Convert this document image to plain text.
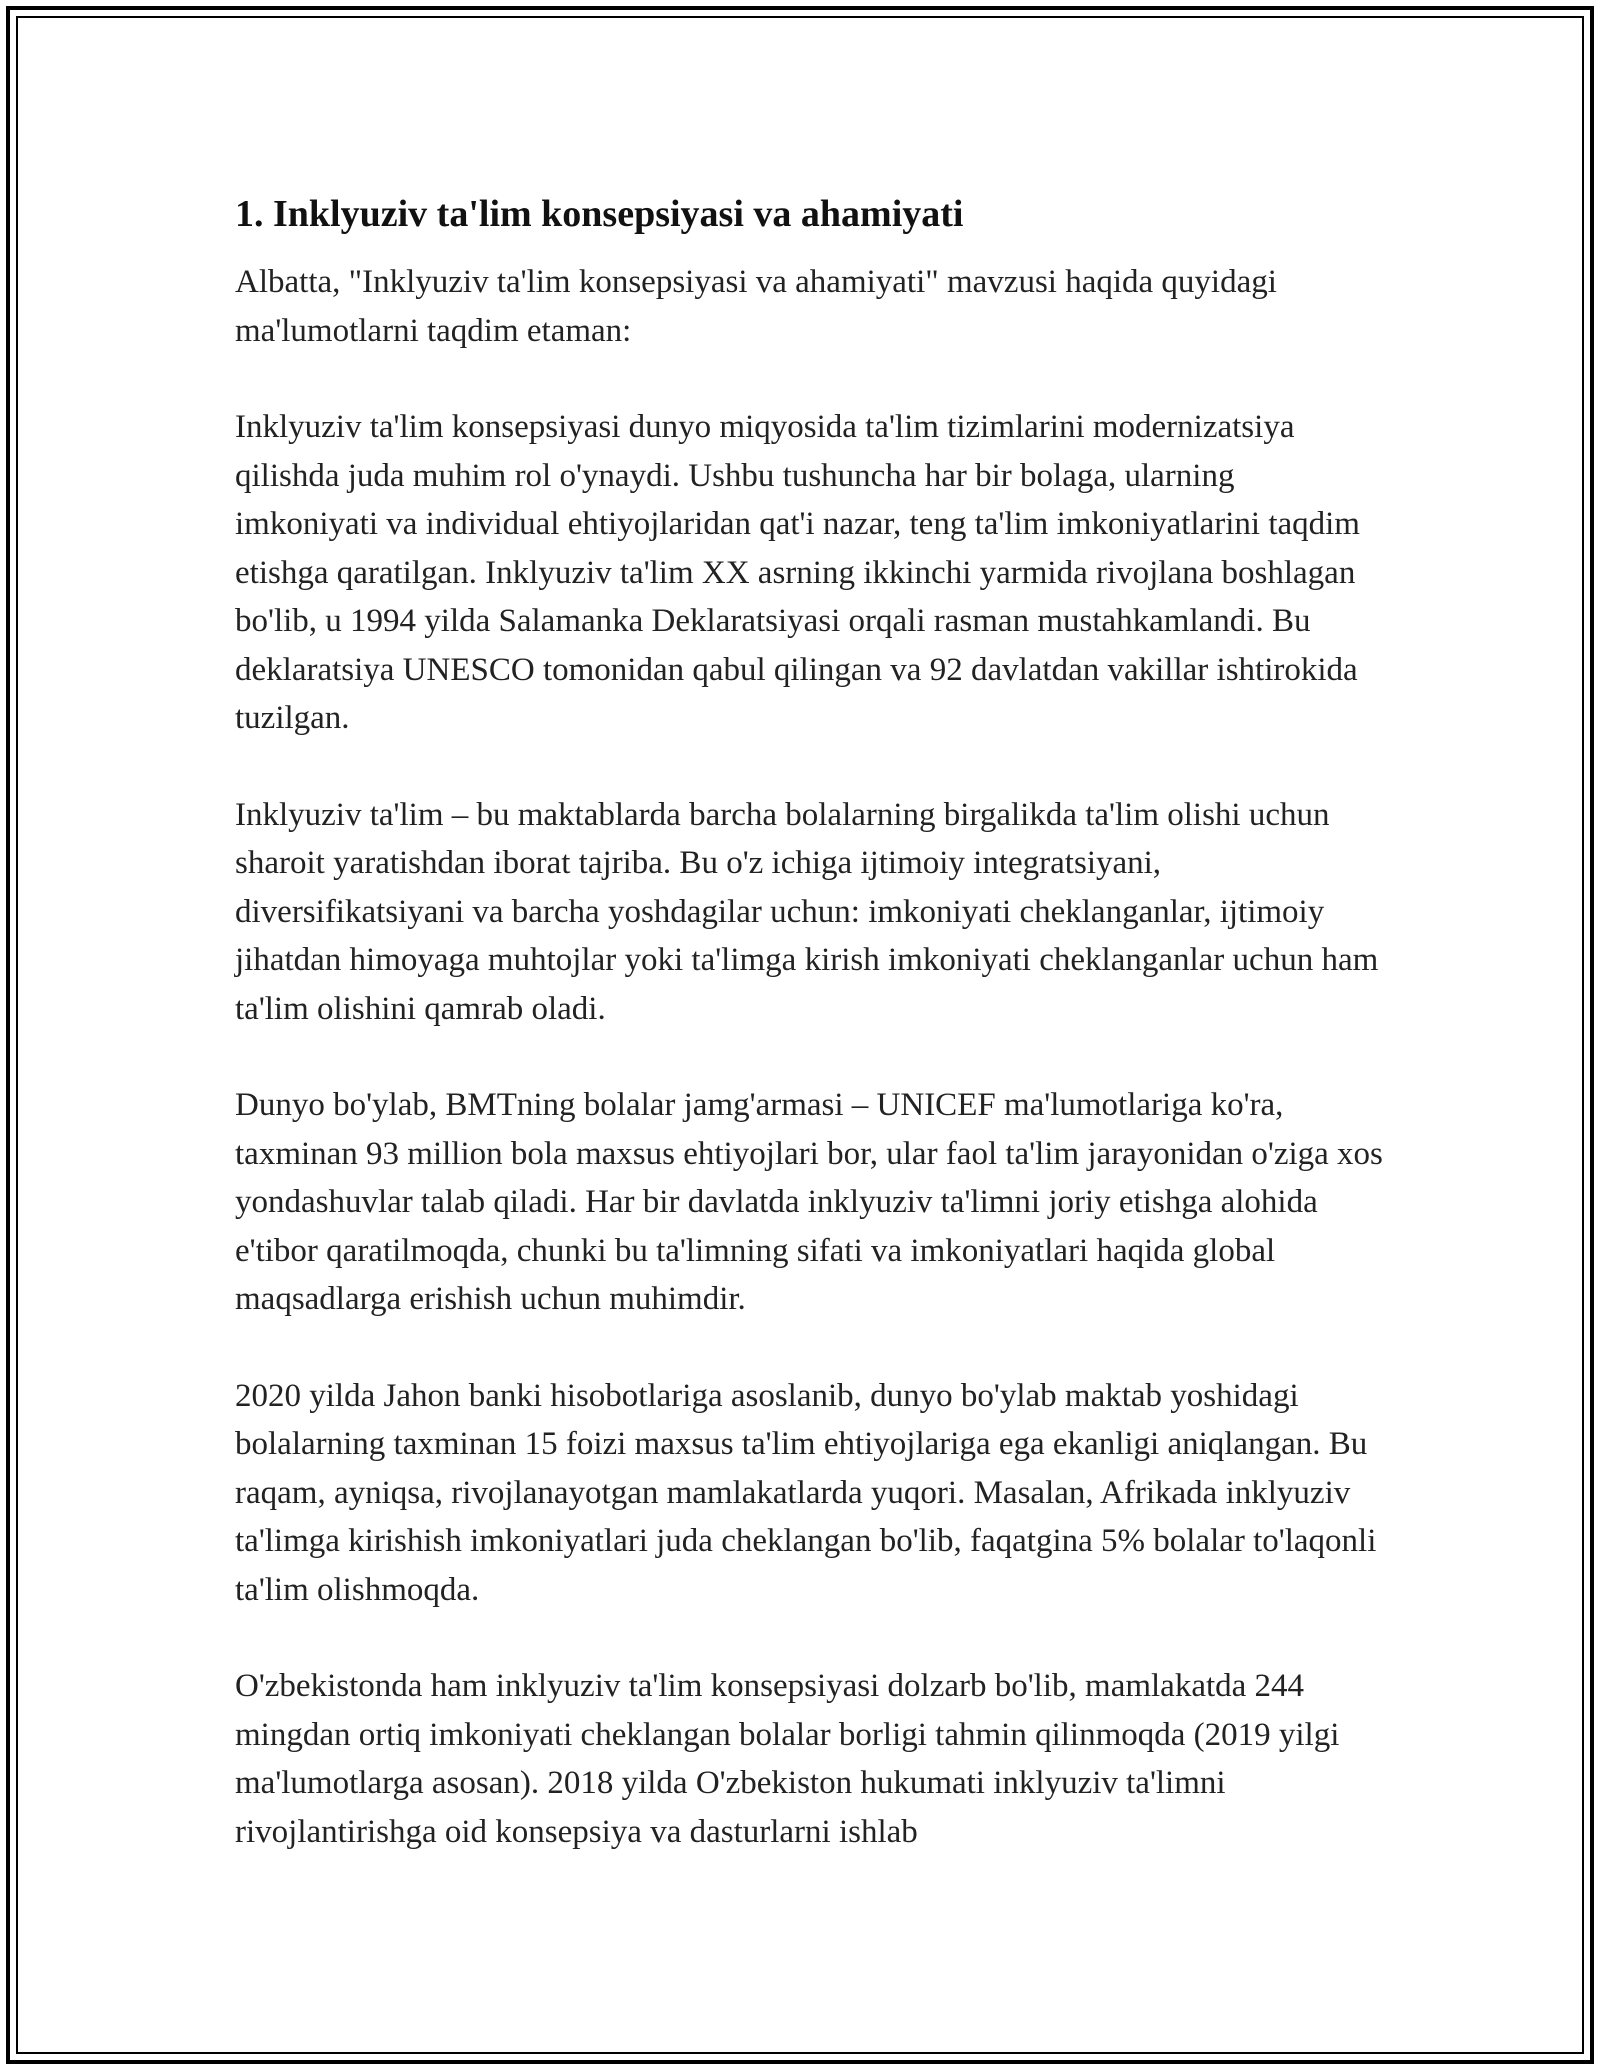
1. Inklyuziv ta'lim konsepsiyasi va ahamiyati

Albatta, "Inklyuziv ta'lim konsepsiyasi va ahamiyati" mavzusi haqida quyidagi ma'lumotlarni taqdim etaman:

Inklyuziv ta'lim konsepsiyasi dunyo miqyosida ta'lim tizimlarini modernizatsiya qilishda juda muhim rol o'ynaydi. Ushbu tushuncha har bir bolaga, ularning imkoniyati va individual ehtiyojlaridan qat'i nazar, teng ta'lim imkoniyatlarini taqdim etishga qaratilgan. Inklyuziv ta'lim XX asrning ikkinchi yarmida rivojlana boshlagan bo'lib, u 1994 yilda Salamanka Deklaratsiyasi orqali rasman mustahkamlandi. Bu deklaratsiya UNESCO tomonidan qabul qilingan va 92 davlatdan vakillar ishtirokida tuzilgan.

Inklyuziv ta'lim – bu maktablarda barcha bolalarning birgalikda ta'lim olishi uchun sharoit yaratishdan iborat tajriba. Bu o'z ichiga ijtimoiy integratsiyani, diversifikatsiyani va barcha yoshdagilar uchun: imkoniyati cheklanganlar, ijtimoiy jihatdan himoyaga muhtojlar yoki ta'limga kirish imkoniyati cheklanganlar uchun ham ta'lim olishini qamrab oladi.

Dunyo bo'ylab, BMTning bolalar jamg'armasi – UNICEF ma'lumotlariga ko'ra, taxminan 93 million bola maxsus ehtiyojlari bor, ular faol ta'lim jarayonidan o'ziga xos yondashuvlar talab qiladi. Har bir davlatda inklyuziv ta'limni joriy etishga alohida e'tibor qaratilmoqda, chunki bu ta'limning sifati va imkoniyatlari haqida global maqsadlarga erishish uchun muhimdir.

2020 yilda Jahon banki hisobotlariga asoslanib, dunyo bo'ylab maktab yoshidagi bolalarning taxminan 15 foizi maxsus ta'lim ehtiyojlariga ega ekanligi aniqlangan. Bu raqam, ayniqsa, rivojlanayotgan mamlakatlarda yuqori. Masalan, Afrikada inklyuziv ta'limga kirishish imkoniyatlari juda cheklangan bo'lib, faqatgina 5% bolalar to'laqonli ta'lim olishmoqda.

O'zbekistonda ham inklyuziv ta'lim konsepsiyasi dolzarb bo'lib, mamlakatda 244 mingdan ortiq imkoniyati cheklangan bolalar borligi tahmin qilinmoqda (2019 yilgi ma'lumotlarga asosan). 2018 yilda O'zbekiston hukumati inklyuziv ta'limni rivojlantirishga oid konsepsiya va dasturlarni ishlab
